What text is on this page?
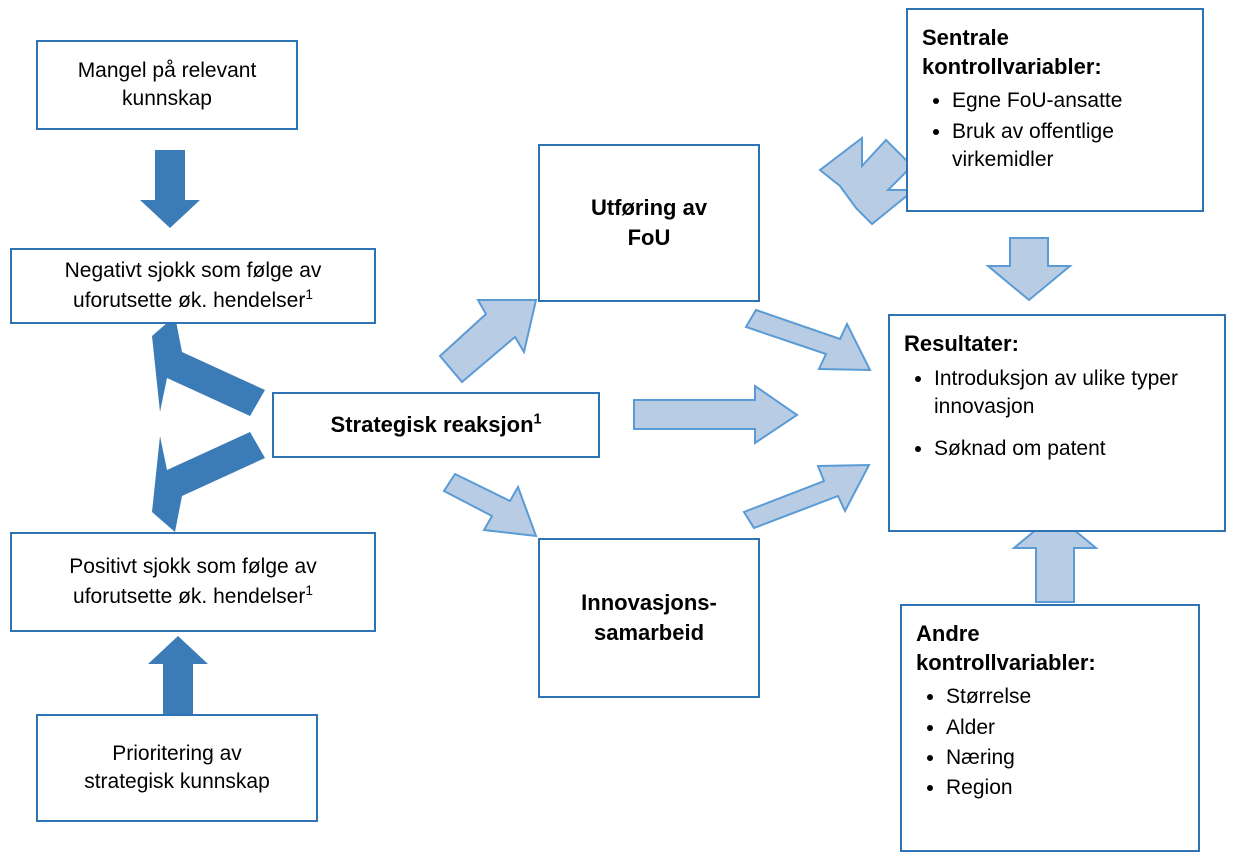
Mangel på relevant
kunnskap
Negativt sjokk som følge av
uforutsette øk. hendelser$^1$
Positivt sjokk som følge av
uforutsette øk. hendelser$^1$
Prioritering av
strategisk kunnskap
Strategisk reaksjon$^1$
Utføring av
FoU
Innovasjons-
samarbeid
Sentrale
kontrollvariabler:
• Egne FoU-ansatte
• Bruk av offentlige virkemidler
Resultater:
• Introduksjon av ulike typer innovasjon
• Søknad om patent
Andre
kontrollvariabler:
• Størrelse
• Alder
• Næring
• Region
